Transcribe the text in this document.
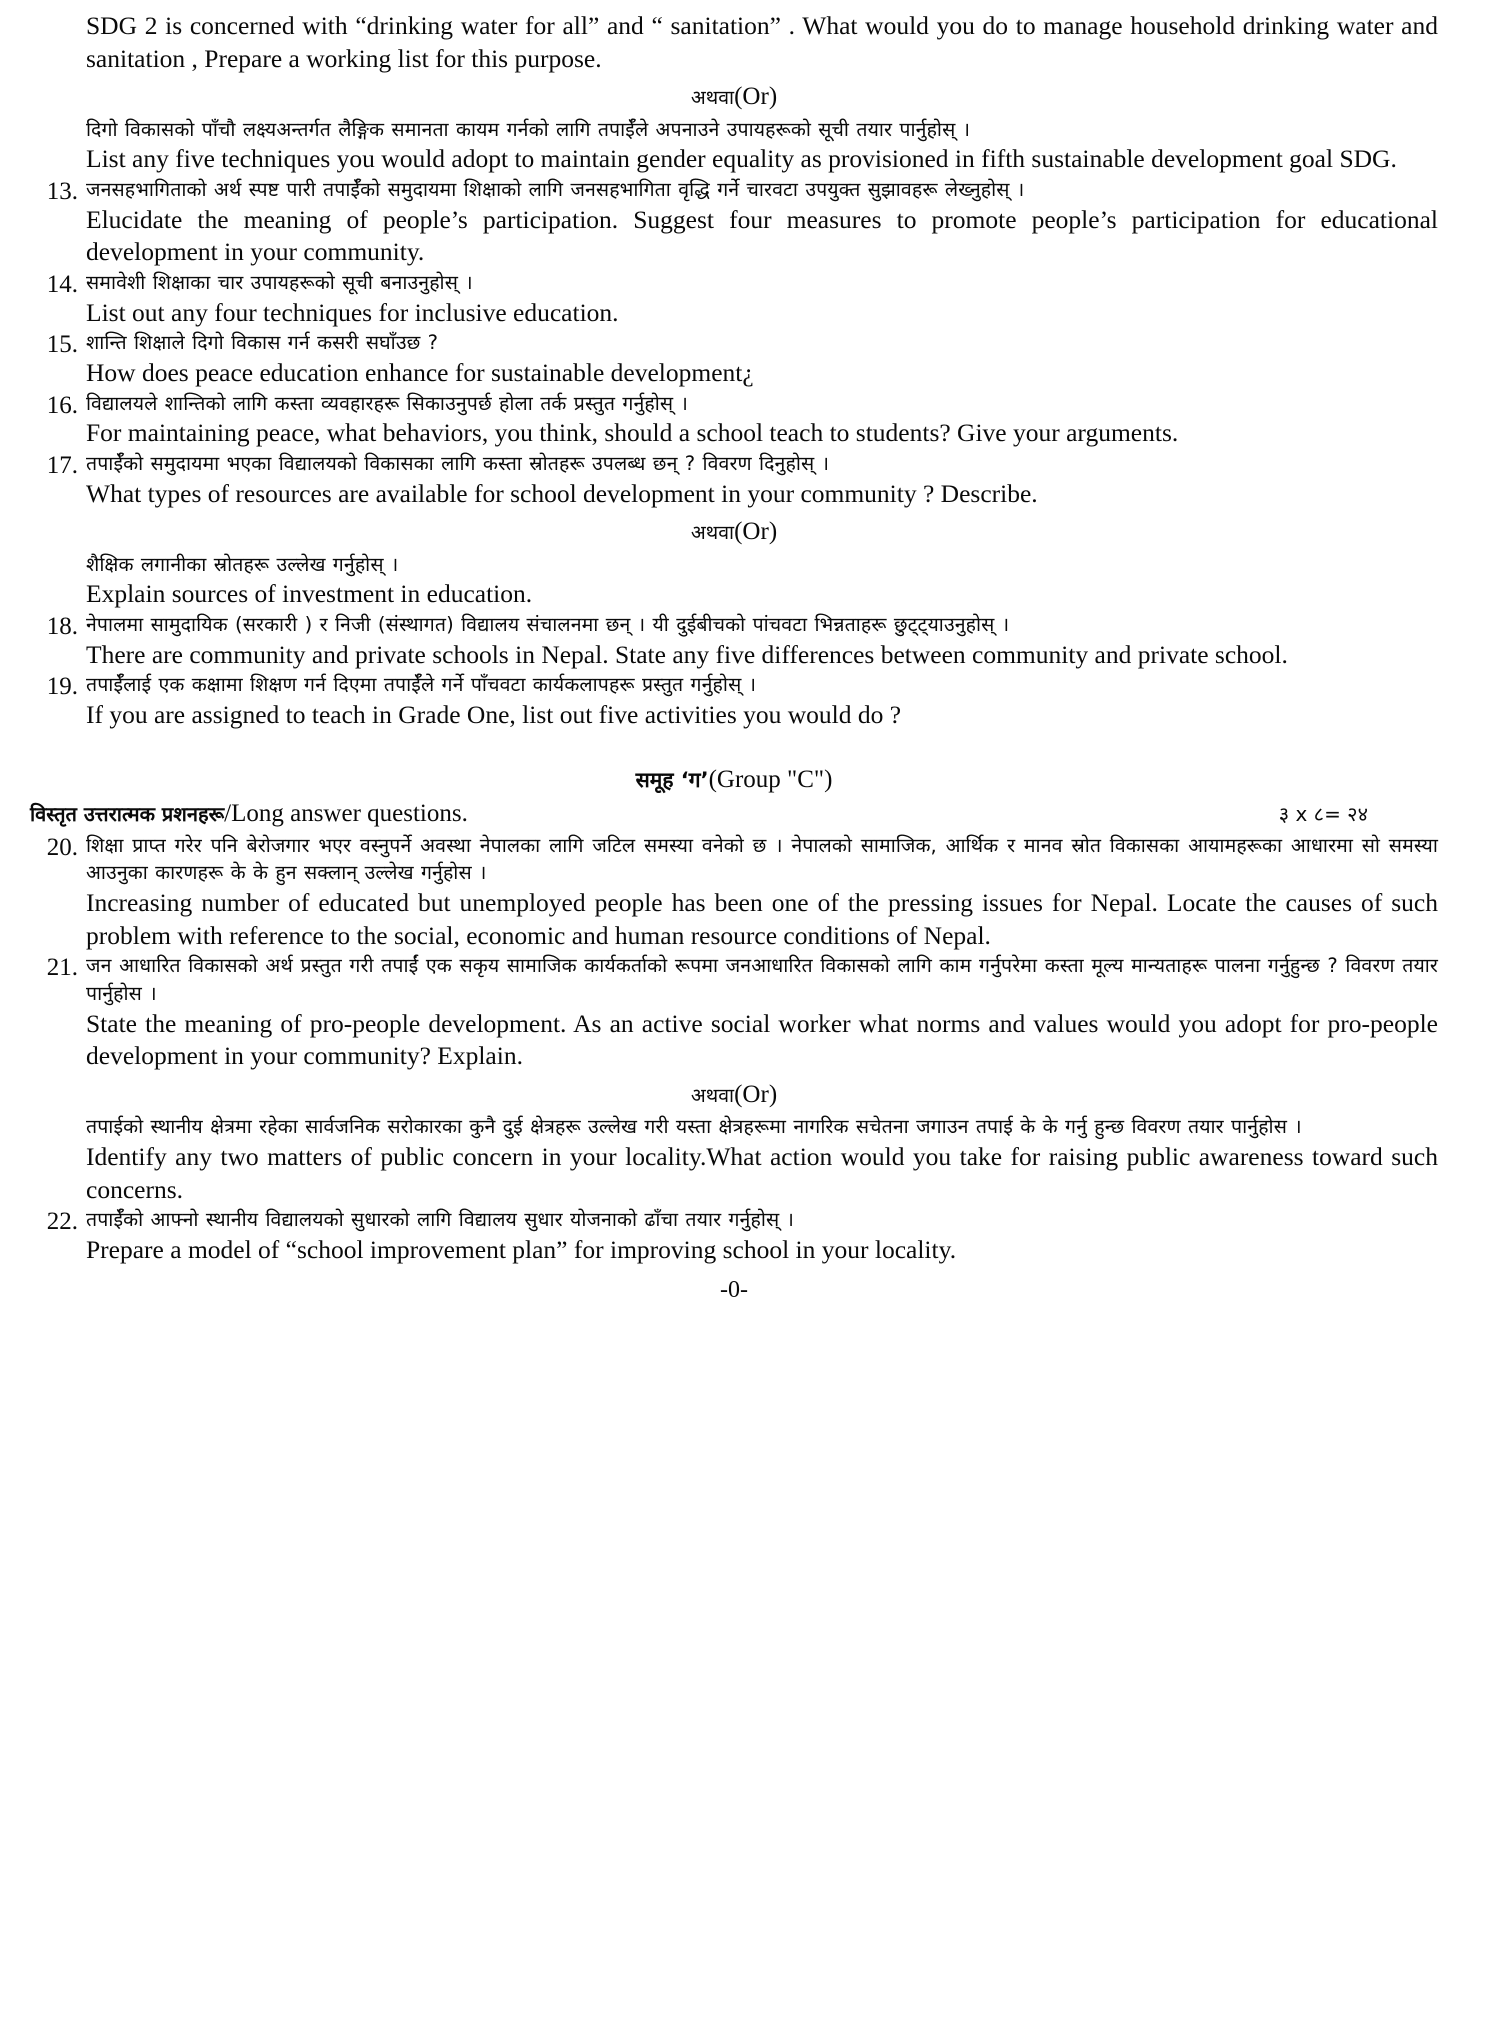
SDG 2 is concerned with “drinking water for all” and “ sanitation” . What would you do to manage household drinking water and sanitation , Prepare a working list for this purpose.

अथवा(Or)

दिगो विकासको पाँचौ लक्ष्यअन्तर्गत लैङ्गिक समानता कायम गर्नको लागि तपाईँले अपनाउने उपायहरूको सूची तयार पार्नुहोस् ।

List any five techniques you would adopt to maintain gender equality as provisioned in fifth sustainable development goal SDG.

13. जनसहभागिताको अर्थ स्पष्ट पारी तपाईँको समुदायमा शिक्षाको लागि जनसहभागिता वृद्धि गर्ने चारवटा उपयुक्त सुझावहरू लेख्नुहोस् ।

Elucidate the meaning of people’s participation. Suggest four measures to promote people’s participation for educational development in your community.

14. समावेशी शिक्षाका चार उपायहरूको सूची बनाउनुहोस् ।

List out any four techniques for inclusive education.

15. शान्ति शिक्षाले दिगो विकास गर्न कसरी सघाँउछ ?

How does peace education enhance for sustainable development¿

16. विद्यालयले शान्तिको लागि कस्ता व्यवहारहरू सिकाउनुपर्छ होला तर्क प्रस्तुत गर्नुहोस् ।

For maintaining peace, what behaviors, you think, should a school teach to students? Give your arguments.

17. तपाईँको समुदायमा भएका विद्यालयको विकासका लागि कस्ता स्रोतहरू उपलब्ध छन् ? विवरण दिनुहोस् ।

What types of resources are available for school development in your community ? Describe.

अथवा(Or)

शैक्षिक लगानीका स्रोतहरू उल्लेख गर्नुहोस् ।

Explain sources of investment in education.

18. नेपालमा सामुदायिक (सरकारी ) र निजी (संस्थागत) विद्यालय संचालनमा छन् । यी दुईबीचको पांचवटा भिन्नताहरू छुट्ट्याउनुहोस् ।

There are community and private schools in Nepal. State any five differences between community and private school.

19. तपाईँलाई एक कक्षामा शिक्षण गर्न दिएमा तपाईँले गर्ने पाँचवटा कार्यकलापहरू प्रस्तुत गर्नुहोस् ।

If you are assigned to teach in Grade One, list out five activities you would do ?

समूह ‘ग’(Group "C")
विस्तृत उत्तरात्मक प्रशनहरू/Long answer questions.	३ x ८= २४
20. शिक्षा प्राप्त गरेर पनि बेरोजगार भएर वस्नुपर्ने अवस्था नेपालका लागि जटिल समस्या वनेको छ । नेपालको सामाजिक, आर्थिक र मानव स्रोत विकासका आयामहरूका आधारमा सो समस्या आउनुका कारणहरू के के हुन सक्लान् उल्लेख गर्नुहोस ।

Increasing number of educated but unemployed people has been one of the pressing issues for Nepal. Locate the causes of such problem with reference to the social, economic and human resource conditions of Nepal.

21. जन आधारित विकासको अर्थ प्रस्तुत गरी तपाईं एक सकृय सामाजिक कार्यकर्ताको रूपमा जनआधारित विकासको लागि काम गर्नुपरेमा कस्ता मूल्य मान्यताहरू पालना गर्नुहुन्छ ? विवरण तयार पार्नुहोस ।

State the meaning of pro-people development. As an active social worker what norms and values would you adopt for pro-people development in your community? Explain.

अथवा(Or)

तपाईको स्थानीय क्षेत्रमा रहेका सार्वजनिक सरोकारका कुनै दुई क्षेत्रहरू उल्लेख गरी यस्ता क्षेत्रहरूमा नागरिक सचेतना जगाउन तपाई के के गर्नु हुन्छ विवरण तयार पार्नुहोस ।

Identify any two matters of public concern in your locality.What action would you take for raising public awareness toward such concerns.

22. तपाईँको आफ्नो स्थानीय विद्यालयको सुधारको लागि विद्यालय सुधार योजनाको ढाँचा तयार गर्नुहोस् ।

Prepare a model of “school improvement plan” for improving school in your locality.

-0-
